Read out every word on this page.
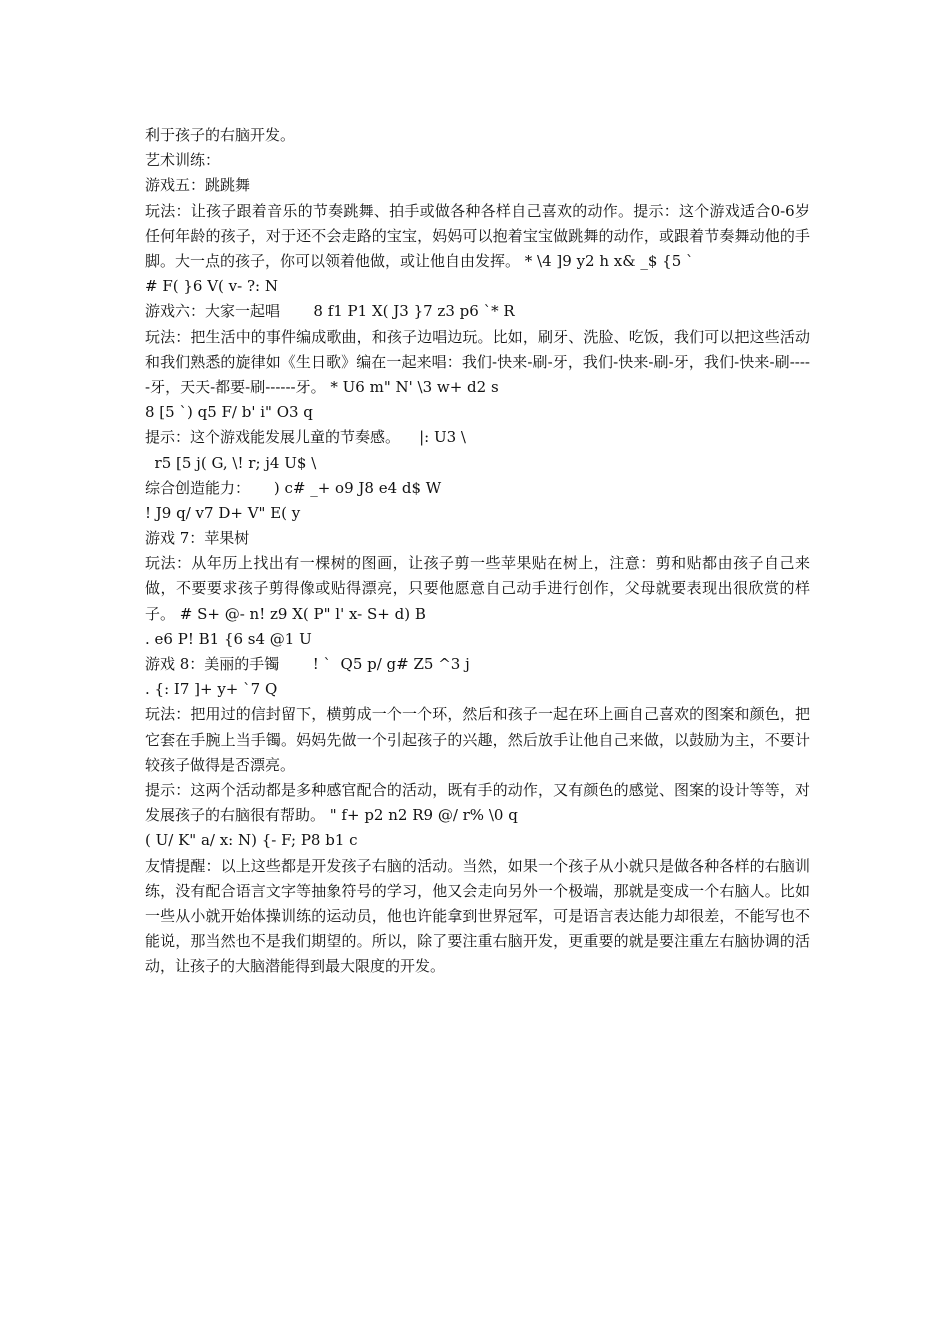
利于孩子的右脑开发。
艺术训练：
游戏五：跳跳舞
玩法：让孩子跟着音乐的节奏跳舞、拍手或做各种各样自己喜欢的动作。提示：这个游戏适合0-6岁任何年龄的孩子，对于还不会走路的宝宝，妈妈可以抱着宝宝做跳舞的动作，或跟着节奏舞动他的手脚。大一点的孩子，你可以领着他做，或让他自由发挥。 * \4 ]9 y2 h x& _$ {5 `
# F( }6 V( v- ?: N
游戏六：大家一起唱       8 f1 P1 X( J3 }7 z3 p6 `* R
玩法：把生活中的事件编成歌曲，和孩子边唱边玩。比如，刷牙、洗脸、吃饭，我们可以把这些活动和我们熟悉的旋律如《生日歌》编在一起来唱：我们-快来-刷-牙，我们-快来-刷-牙，我们-快来-刷-----牙，天天-都要-刷------牙。 * U6 m" N' \3 w+ d2 s
8 [5 `) q5 F/ b' i" O3 q
提示：这个游戏能发展儿童的节奏感。    |: U3 \
r5 [5 j( G, \! r; j4 U$ \
综合创造能力：     ) c# _+ o9 J8 e4 d$ W
! J9 q/ v7 D+ V" E( y
游戏 7：苹果树
玩法：从年历上找出有一棵树的图画，让孩子剪一些苹果贴在树上，注意：剪和贴都由孩子自己来做，不要要求孩子剪得像或贴得漂亮，只要他愿意自己动手进行创作，父母就要表现出很欣赏的样子。 # S+ @- n! z9 X( P" l' x- S+ d) B
. e6 P! B1 {6 s4 @1 U
游戏 8：美丽的手镯       ! `  Q5 p/ g# Z5 ^3 j
. {: I7 ]+ y+ `7 Q
玩法：把用过的信封留下，横剪成一个一个环，然后和孩子一起在环上画自己喜欢的图案和颜色，把它套在手腕上当手镯。妈妈先做一个引起孩子的兴趣，然后放手让他自己来做，以鼓励为主，不要计较孩子做得是否漂亮。
提示：这两个活动都是多种感官配合的活动，既有手的动作，又有颜色的感觉、图案的设计等等，对发展孩子的右脑很有帮助。 " f+ p2 n2 R9 @/ r% \0 q
( U/ K" a/ x: N) {- F; P8 b1 c
友情提醒：以上这些都是开发孩子右脑的活动。当然，如果一个孩子从小就只是做各种各样的右脑训练，没有配合语言文字等抽象符号的学习，他又会走向另外一个极端，那就是变成一个右脑人。比如一些从小就开始体操训练的运动员，他也许能拿到世界冠军，可是语言表达能力却很差，不能写也不能说，那当然也不是我们期望的。所以，除了要注重右脑开发，更重要的就是要注重左右脑协调的活动，让孩子的大脑潜能得到最大限度的开发。
